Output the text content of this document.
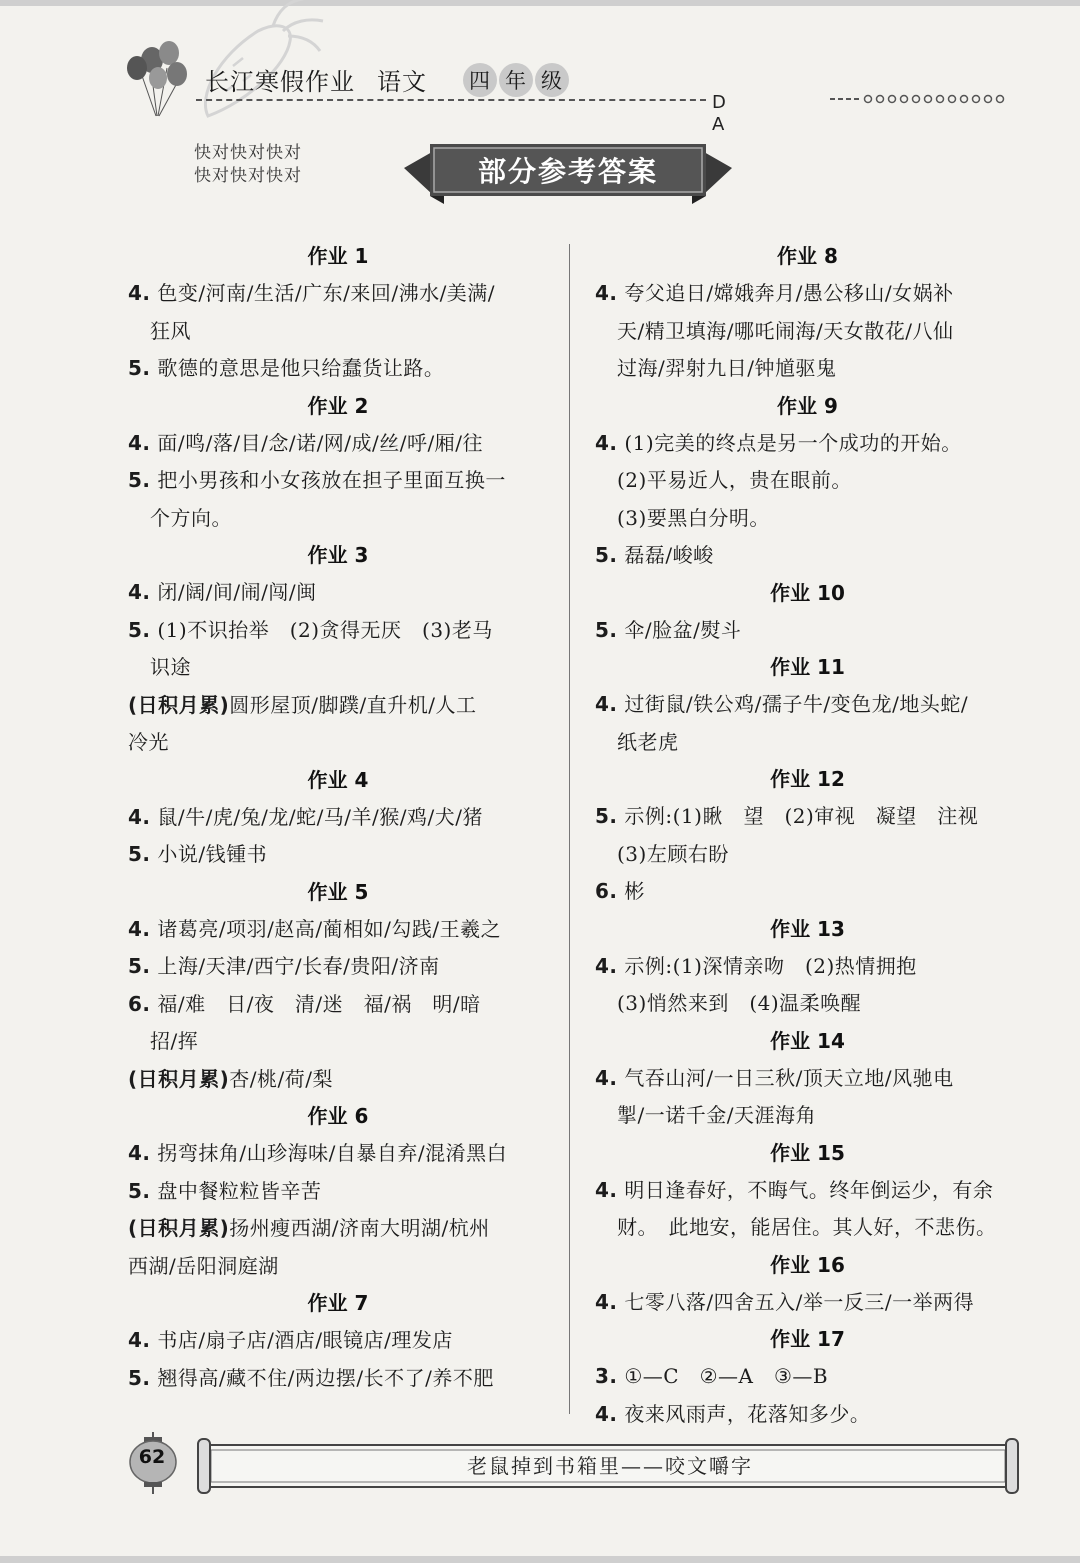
长江寒假作业 语文 四 年 级
D
A
快对快对快对
快对快对快对	部分参考答案
作业 1
4. 色变/河南/生活/广东/来回/沸水/美满/
狂风
5. 歌德的意思是他只给蠢货让路。
作业 2
4. 面/鸣/落/目/念/诺/网/成/丝/呼/厢/往
5. 把小男孩和小女孩放在担子里面互换一
个方向。
作业 3
4. 闭/阔/间/闹/闯/闽
5. (1)不识抬举　(2)贪得无厌　(3)老马
识途
(日积月累)圆形屋顶/脚蹼/直升机/人工
冷光
作业 4
4. 鼠/牛/虎/兔/龙/蛇/马/羊/猴/鸡/犬/猪
5. 小说/钱锺书
作业 5
4. 诸葛亮/项羽/赵高/蔺相如/勾践/王羲之
5. 上海/天津/西宁/长春/贵阳/济南
6. 福/难　日/夜　清/迷　福/祸　明/暗
招/挥
(日积月累)杏/桃/荷/梨
作业 6
4. 拐弯抹角/山珍海味/自暴自弃/混淆黑白
5. 盘中餐粒粒皆辛苦
(日积月累)扬州瘦西湖/济南大明湖/杭州
西湖/岳阳洞庭湖
作业 7
4. 书店/扇子店/酒店/眼镜店/理发店
5. 翘得高/藏不住/两边摆/长不了/养不肥
作业 8
4. 夸父追日/嫦娥奔月/愚公移山/女娲补
天/精卫填海/哪吒闹海/天女散花/八仙
过海/羿射九日/钟馗驱鬼
作业 9
4. (1)完美的终点是另一个成功的开始。
(2)平易近人，贵在眼前。
(3)要黑白分明。
5. 磊磊/峻峻
作业 10
5. 伞/脸盆/熨斗
作业 11
4. 过街鼠/铁公鸡/孺子牛/变色龙/地头蛇/
纸老虎
作业 12
5. 示例:(1)瞅　望　(2)审视　凝望　注视
(3)左顾右盼
6. 彬
作业 13
4. 示例:(1)深情亲吻　(2)热情拥抱
(3)悄然来到　(4)温柔唤醒
作业 14
4. 气吞山河/一日三秋/顶天立地/风驰电
掣/一诺千金/天涯海角
作业 15
4. 明日逢春好，不晦气。终年倒运少，有余
财。　此地安，能居住。其人好，不悲伤。
作业 16
4. 七零八落/四舍五入/举一反三/一举两得
作业 17
3. ①—C　②—A　③—B
4. 夜来风雨声，花落知多少。
62	老鼠掉到书箱里——咬文嚼字
